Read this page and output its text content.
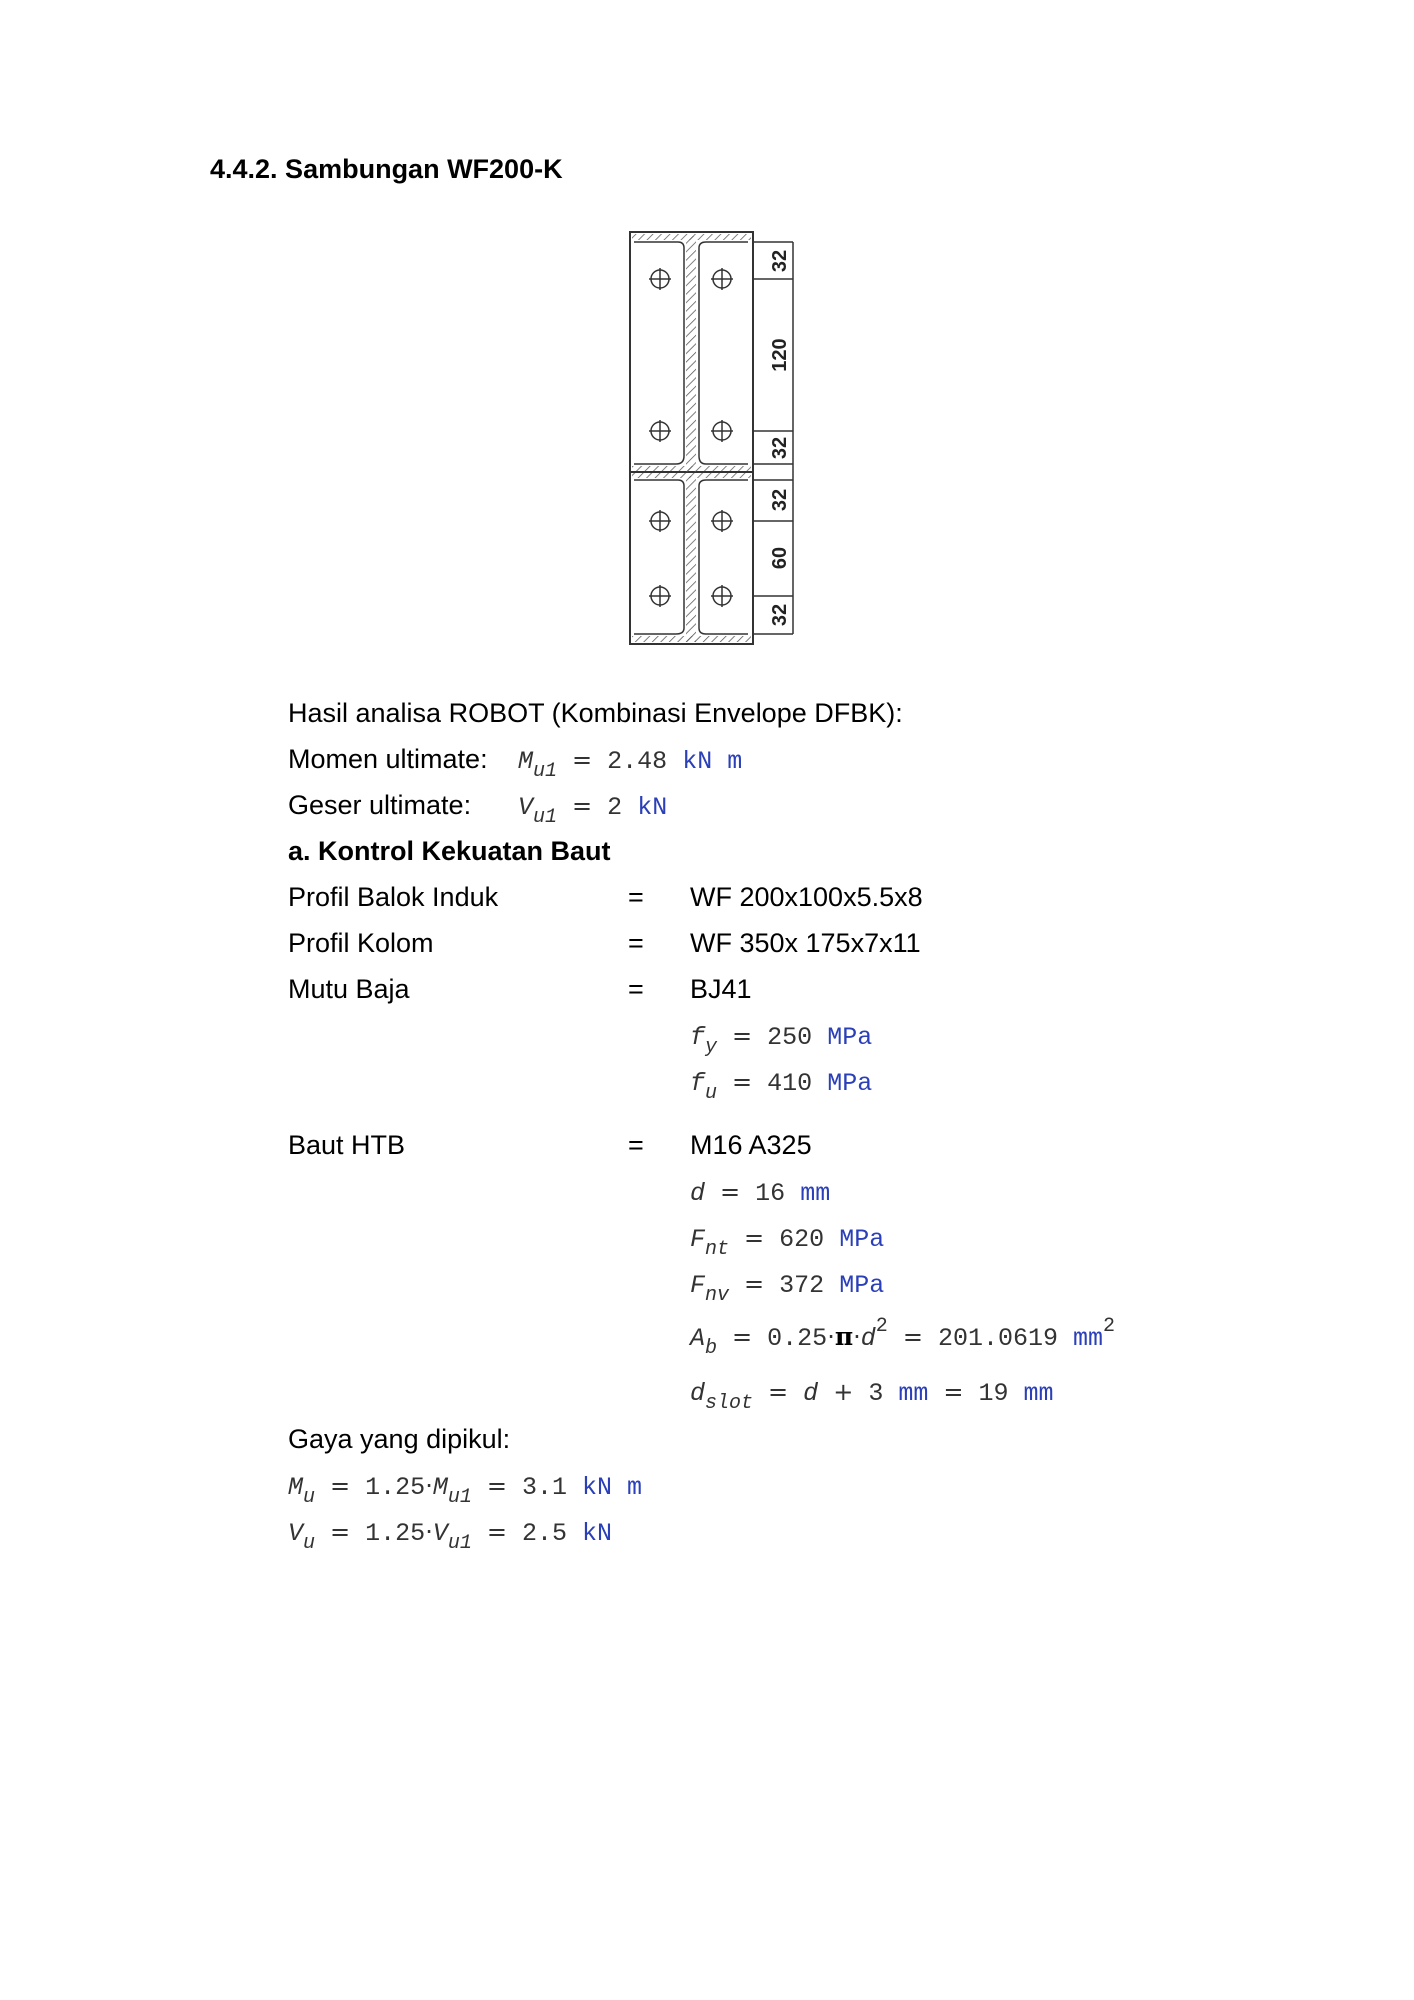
4.4.2. Sambungan WF200-K
32
120
32
32
60
32
Hasil analisa ROBOT (Kombinasi Envelope DFBK):
Momen ultimate: $M_{u1} = 2.48$ kN m
Geser ultimate: $V_{u1} = 2$ kN
a. Kontrol Kekuatan Baut
Profil Balok Induk	= WF 200x100x5.5x8
Profil Kolom	= WF 350x 175x7x11
Mutu Baja	= BJ41
$f_y = 250$ MPa
$f_u = 410$ MPa
Baut HTB	= M16 A325
d = 16 mm
$F_{nt} = 620$ MPa
$F_{nv} = 372$ MPa
$A_b = 0.25\cdot\pi\cdot d^2 = 201.0619$ $mm^2$
$d_{slot} = d + 3$ mm = 19 mm
Gaya yang dipikul:
$M_u = 1.25\cdot M_{u1} = 3.1$ kN m
$V_u = 1.25\cdot V_{u1} = 2.5$ kN
